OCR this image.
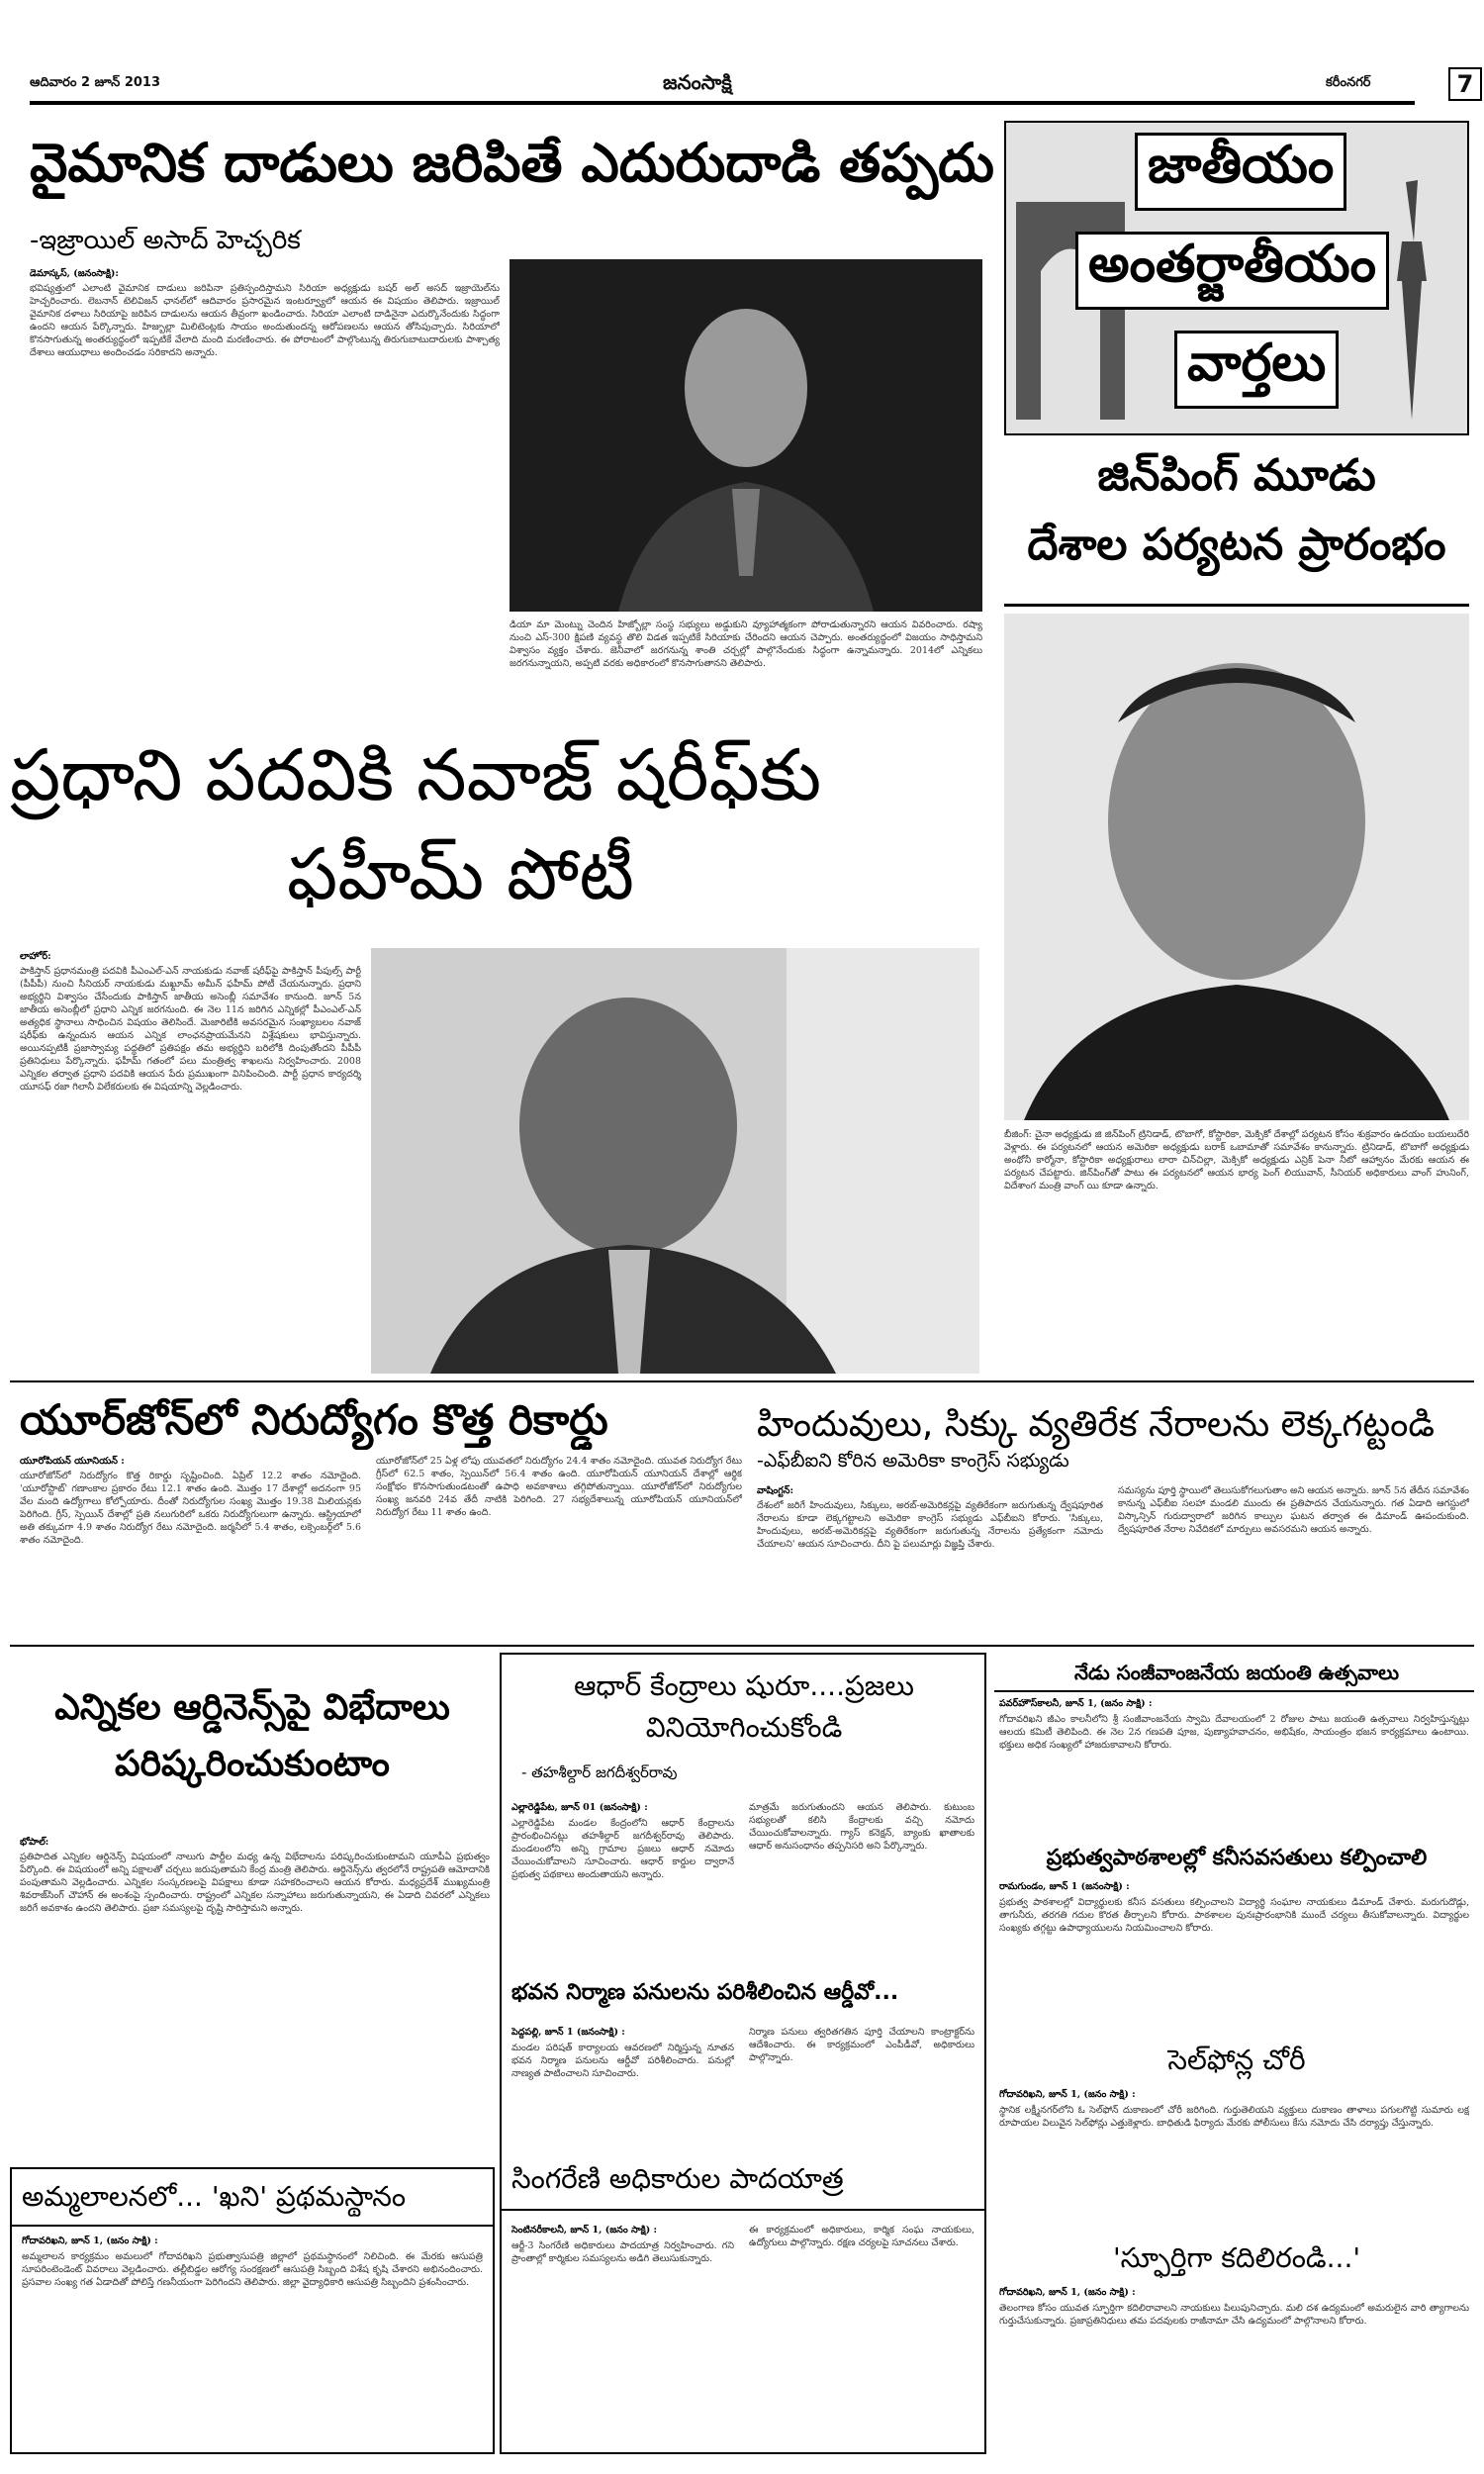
ఆదివారం 2 జూన్ 2013	జనంసాక్షి	కరీంనగర్	7
వైమానిక దాడులు జరిపితే ఎదురుదాడి తప్పదు
-ఇజ్రాయిల్ అసాద్ హెచ్చరిక
డెమాస్కస్, (జనంసాక్షి):
భవిష్యత్తులో ఎలాంటి వైమానిక దాడులు జరిపినా ప్రతిస్పందిస్తామని సిరియా అధ్యక్షుడు బషర్ అల్ అసద్ ఇజ్రాయెల్‌ను హెచ్చరించారు. లెబనాన్ టెలివిజన్ ఛానల్‌లో ఆదివారం ప్రసారమైన ఇంటర్వ్యూలో ఆయన ఈ విషయం తెలిపారు. ఇజ్రాయిల్ వైమానిక దళాలు సిరియాపై జరిపిన దాడులను ఆయన తీవ్రంగా ఖండించారు. సిరియా ఎలాంటి దాడినైనా ఎదుర్కొనేందుకు సిద్ధంగా ఉందని ఆయన పేర్కొన్నారు. హిజ్బుల్లా మిలిటెంట్లకు సాయం అందుతుందన్న ఆరోపణలను ఆయన తోసిపుచ్చారు. సిరియాలో కొనసాగుతున్న అంతర్యుద్ధంలో ఇప్పటికే వేలాది మంది మరణించారు. ఈ పోరాటంలో పాల్గొంటున్న తిరుగుబాటుదారులకు పాశ్చాత్య దేశాలు ఆయుధాలు అందించడం సరికాదని అన్నారు.
డియా మా మెంట్ను చెందిన హిజ్బోల్లా సంస్థ సభ్యులు అడ్డుకుని వ్యూహాత్మకంగా పోరాడుతున్నారని ఆయన వివరించారు. రష్యా నుంచి ఎస్-300 క్షిపణి వ్యవస్థ తొలి విడత ఇప్పటికే సిరియాకు చేరిందని ఆయన చెప్పారు. అంతర్యుద్ధంలో విజయం సాధిస్తామని విశ్వాసం వ్యక్తం చేశారు. జెనీవాలో జరగనున్న శాంతి చర్చల్లో పాల్గొనేందుకు సిద్ధంగా ఉన్నామన్నారు. 2014లో ఎన్నికలు జరగనున్నాయని, అప్పటి వరకు అధికారంలో కొనసాగుతానని తెలిపారు.
ప్రధాని పదవికి నవాజ్ షరీఫ్‌కు
ఫహీమ్ పోటీ
లాహోర్:
పాకిస్తాన్ ప్రధానమంత్రి పదవికి పీఎంఎల్-ఎన్ నాయకుడు నవాజ్ షరీఫ్‌పై పాకిస్తాన్ పీపుల్స్ పార్టీ (పీపీపీ) నుంచి సీనియర్ నాయకుడు మఖ్దూమ్ అమీన్ ఫహీమ్ పోటీ చేయనున్నారు. ప్రధాని అభ్యర్థిని విశ్వాసం చేసేందుకు పాకిస్తాన్ జాతీయ అసెంబ్లీ సమావేశం కానుంది. జూన్ 5న జాతీయ అసెంబ్లీలో ప్రధాని ఎన్నిక జరగనుంది. ఈ నెల 11న జరిగిన ఎన్నికల్లో పీఎంఎల్-ఎన్ అత్యధిక స్థానాలు సాధించిన విషయం తెలిసిందే. మెజారిటీకి అవసరమైన సంఖ్యాబలం నవాజ్ షరీఫ్‌కు ఉన్నందున ఆయన ఎన్నిక లాంఛనప్రాయమేనని విశ్లేషకులు భావిస్తున్నారు. అయినప్పటికీ ప్రజాస్వామ్య పద్ధతిలో ప్రతిపక్షం తమ అభ్యర్థిని బరిలోకి దింపుతోందని పీపీపీ ప్రతినిధులు పేర్కొన్నారు. ఫహీమ్ గతంలో పలు మంత్రిత్వ శాఖలను నిర్వహించారు. 2008 ఎన్నికల తర్వాత ప్రధాని పదవికి ఆయన పేరు ప్రముఖంగా వినిపించింది. పార్టీ ప్రధాన కార్యదర్శి యూసఫ్ రజా గిలానీ విలేకరులకు ఈ విషయాన్ని వెల్లడించారు.
జాతీయం
అంతర్జాతీయం
వార్తలు
జిన్‌పింగ్ మూడు
దేశాల పర్యటన ప్రారంభం
బీజింగ్: చైనా అధ్యక్షుడు జి జిన్‌పింగ్ ట్రినిడాడ్, టొబాగో, కోస్టారికా, మెక్సికో దేశాల్లో పర్యటన కోసం శుక్రవారం ఉదయం బయలుదేరి వెళ్లారు. ఈ పర్యటనలో ఆయన అమెరికా అధ్యక్షుడు బరాక్ ఒబామాతో సమావేశం కానున్నారు. ట్రినిడాడ్, టొబాగో అధ్యక్షుడు అంథోనీ కార్మోనా, కోస్టారికా అధ్యక్షురాలు లారా చిన్‌చిల్లా, మెక్సికో అధ్యక్షుడు ఎన్రిక్ పెనా నీటో ఆహ్వానం మేరకు ఆయన ఈ పర్యటన చేపట్టారు. జిన్‌పింగ్‌తో పాటు ఈ పర్యటనలో ఆయన భార్య పెంగ్ లియువాన్, సీనియర్ అధికారులు వాంగ్ హునింగ్, విదేశాంగ మంత్రి వాంగ్ యి కూడా ఉన్నారు.
యూర్‌జోన్‌లో నిరుద్యోగం కొత్త రికార్డు
యూరోపియన్ యూనియన్ :
యూరోజోన్‌లో నిరుద్యోగం కొత్త రికార్డు సృష్టించింది. ఏప్రిల్ 12.2 శాతం నమోదైంది. 'యూరోస్టాట్' గణాంకాల ప్రకారం రేటు 12.1 శాతం ఉంది. మొత్తం 17 దేశాల్లో అదనంగా 95 వేల మంది ఉద్యోగాలు కోల్పోయారు. దీంతో నిరుద్యోగుల సంఖ్య మొత్తం 19.38 మిలియన్లకు పెరిగింది. గ్రీస్, స్పెయిన్ దేశాల్లో ప్రతి నలుగురిలో ఒకరు నిరుద్యోగులుగా ఉన్నారు. ఆస్ట్రియాలో అతి తక్కువగా 4.9 శాతం నిరుద్యోగ రేటు నమోదైంది. జర్మనీలో 5.4 శాతం, లక్సెంబర్గ్‌లో 5.6 శాతం నమోదైంది.
యూరోజోన్‌లో 25 ఏళ్ల లోపు యువతలో నిరుద్యోగం 24.4 శాతం నమోదైంది. యువత నిరుద్యోగ రేటు గ్రీస్‌లో 62.5 శాతం, స్పెయిన్‌లో 56.4 శాతం ఉంది. యూరోపియన్ యూనియన్ దేశాల్లో ఆర్థిక సంక్షోభం కొనసాగుతుండటంతో ఉపాధి అవకాశాలు తగ్గిపోతున్నాయి. యూరోజోన్‌లో నిరుద్యోగుల సంఖ్య జనవరి 24వ తేదీ నాటికి పెరిగింది. 27 సభ్యదేశాలున్న యూరోపియన్ యూనియన్‌లో నిరుద్యోగ రేటు 11 శాతం ఉంది.
హిందువులు, సిక్కు వ్యతిరేక నేరాలను లెక్కగట్టండి
-ఎఫ్‌బీఐని కోరిన అమెరికా కాంగ్రెస్ సభ్యుడు
వాషింగ్టన్:
దేశంలో జరిగే హిందువులు, సిక్కులు, అరబ్-అమెరికన్లపై వ్యతిరేకంగా జరుగుతున్న ద్వేషపూరిత నేరాలను కూడా లెక్కగట్టాలని అమెరికా కాంగ్రెస్ సభ్యుడు ఎఫ్‌బీఐని కోరారు. 'సిక్కులు, హిందువులు, అరబ్-అమెరికన్లపై వ్యతిరేకంగా జరుగుతున్న నేరాలను ప్రత్యేకంగా నమోదు చేయాలని' ఆయన సూచించారు. దీని పై పలుమార్లు విజ్ఞప్తి చేశారు.
సమస్యను పూర్తి స్థాయిలో తెలుసుకోగలుగుతాం అని ఆయన అన్నారు. జూన్ 5న తేదీన సమావేశం కానున్న ఎఫ్‌బీఐ సలహా మండలి ముందు ఈ ప్రతిపాదన చేయనున్నారు. గత ఏడాది ఆగస్టులో విస్కాన్సిన్ గురుద్వారాలో జరిగిన కాల్పుల ఘటన తర్వాత ఈ డిమాండ్ ఊపందుకుంది. ద్వేషపూరిత నేరాల నివేదికలో మార్పులు అవసరమని ఆయన అన్నారు.
ఎన్నికల ఆర్డినెన్స్‌పై విభేదాలు
పరిష్కరించుకుంటాం
భోపాల్:
ప్రతిపాదిత ఎన్నికల ఆర్డినెన్స్ విషయంలో నాలుగు పార్టీల మధ్య ఉన్న విభేదాలను పరిష్కరించుకుంటామని యూపీఏ ప్రభుత్వం పేర్కొంది. ఈ విషయంలో అన్ని పక్షాలతో చర్చలు జరుపుతామని కేంద్ర మంత్రి తెలిపారు. ఆర్డినెన్స్‌ను త్వరలోనే రాష్ట్రపతి ఆమోదానికి పంపుతామని వెల్లడించారు. ఎన్నికల సంస్కరణలపై విపక్షాలు కూడా సహకరించాలని ఆయన కోరారు. మధ్యప్రదేశ్ ముఖ్యమంత్రి శివరాజ్‌సింగ్ చౌహాన్ ఈ అంశంపై స్పందించారు. రాష్ట్రంలో ఎన్నికల సన్నాహాలు జరుగుతున్నాయని, ఈ ఏడాది చివరలో ఎన్నికలు జరిగే అవకాశం ఉందని తెలిపారు. ప్రజా సమస్యలపై దృష్టి సారిస్తామని అన్నారు.
అమ్మలాలనలో... 'ఖని' ప్రథమస్థానం
గోదావరిఖని, జూన్ 1, (జనం సాక్షి) :
అమ్మలాలన కార్యక్రమం అమలులో గోదావరిఖని ప్రభుత్వాసుపత్రి జిల్లాలో ప్రథమస్థానంలో నిలిచింది. ఈ మేరకు ఆసుపత్రి సూపరింటెండెంట్ వివరాలు వెల్లడించారు. తల్లీబిడ్డల ఆరోగ్య సంరక్షణలో ఆసుపత్రి సిబ్బంది విశేష కృషి చేశారని అభినందించారు. ప్రసవాల సంఖ్య గత ఏడాదితో పోలిస్తే గణనీయంగా పెరిగిందని తెలిపారు. జిల్లా వైద్యాధికారి ఆసుపత్రి సిబ్బందిని ప్రశంసించారు.
ఆధార్ కేంద్రాలు షురూ....ప్రజలు
వినియోగించుకోండి
- తహశీల్దార్ జగదీశ్వర్‌రావు
ఎల్లారెడ్డిపేట, జూన్ 01 (జనంసాక్షి) :
ఎల్లారెడ్డిపేట మండల కేంద్రంలోని ఆధార్ కేంద్రాలను ప్రారంభించినట్లు తహశీల్దార్ జగదీశ్వర్‌రావు తెలిపారు. మండలంలోని అన్ని గ్రామాల ప్రజలు ఆధార్ నమోదు చేయించుకోవాలని సూచించారు. ఆధార్ కార్డుల ద్వారానే ప్రభుత్వ పథకాలు అందుతాయని అన్నారు.
మాత్రమే జరుగుతుందని ఆయన తెలిపారు. కుటుంబ సభ్యులతో కలిసి కేంద్రాలకు వచ్చి నమోదు చేయించుకోవాలన్నారు. గ్యాస్ కనెక్షన్, బ్యాంకు ఖాతాలకు ఆధార్ అనుసంధానం తప్పనిసరి అని పేర్కొన్నారు.
భవన నిర్మాణ పనులను పరిశీలించిన ఆర్డీవో...
పెద్దపల్లి, జూన్ 1 (జనంసాక్షి) :
మండల పరిషత్ కార్యాలయ ఆవరణలో నిర్మిస్తున్న నూతన భవన నిర్మాణ పనులను ఆర్డీవో పరిశీలించారు. పనుల్లో నాణ్యత పాటించాలని సూచించారు.
నిర్మాణ పనులు త్వరితగతిన పూర్తి చేయాలని కాంట్రాక్టర్‌ను ఆదేశించారు. ఈ కార్యక్రమంలో ఎంపీడీవో, అధికారులు పాల్గొన్నారు.
సింగరేణి అధికారుల పాదయాత్ర
సెంటినరీకాలనీ, జూన్ 1, (జనం సాక్షి) :
ఆర్జీ-3 సింగరేణి అధికారులు పాదయాత్ర నిర్వహించారు. గని ప్రాంతాల్లో కార్మికుల సమస్యలను అడిగి తెలుసుకున్నారు.
ఈ కార్యక్రమంలో అధికారులు, కార్మిక సంఘ నాయకులు, ఉద్యోగులు పాల్గొన్నారు. రక్షణ చర్యలపై సూచనలు చేశారు.
నేడు సంజీవాంజనేయ జయంతి ఉత్సవాలు
పవర్‌హౌస్‌కాలనీ, జూన్ 1, (జనం సాక్షి) :
గోదావరిఖని జీఎం కాలనీలోని శ్రీ సంజీవాంజనేయ స్వామి దేవాలయంలో 2 రోజుల పాటు జయంతి ఉత్సవాలు నిర్వహిస్తున్నట్లు ఆలయ కమిటీ తెలిపింది. ఈ నెల 2న గణపతి పూజ, పుణ్యాహవాచనం, అభిషేకం, సాయంత్రం భజన కార్యక్రమాలు ఉంటాయి. భక్తులు అధిక సంఖ్యలో హాజరుకావాలని కోరారు.
ప్రభుత్వపాఠశాలల్లో కనీసవసతులు కల్పించాలి
రామగుండం, జూన్ 1 (జనంసాక్షి) :
ప్రభుత్వ పాఠశాలల్లో విద్యార్థులకు కనీస వసతులు కల్పించాలని విద్యార్థి సంఘాల నాయకులు డిమాండ్ చేశారు. మరుగుదొడ్లు, తాగునీరు, తరగతి గదుల కొరత తీర్చాలని కోరారు. పాఠశాలల పునఃప్రారంభానికి ముందే చర్యలు తీసుకోవాలన్నారు. విద్యార్థుల సంఖ్యకు తగ్గట్టు ఉపాధ్యాయులను నియమించాలని కోరారు.
సెల్‌ఫోన్ల చోరీ
గోదావరిఖని, జూన్ 1, (జనం సాక్షి) :
స్థానిక లక్ష్మీనగర్‌లోని ఓ సెల్‌ఫోన్ దుకాణంలో చోరీ జరిగింది. గుర్తుతెలియని వ్యక్తులు దుకాణం తాళాలు పగులగొట్టి సుమారు లక్ష రూపాయల విలువైన సెల్‌ఫోన్లు ఎత్తుకెళ్లారు. బాధితుడి ఫిర్యాదు మేరకు పోలీసులు కేసు నమోదు చేసి దర్యాప్తు చేస్తున్నారు.
'స్ఫూర్తిగా కదిలిరండి...'
గోదావరిఖని, జూన్ 1, (జనం సాక్షి) :
తెలంగాణ కోసం యువత స్ఫూర్తిగా కదిలిరావాలని నాయకులు పిలుపునిచ్చారు. మలి దశ ఉద్యమంలో అమరులైన వారి త్యాగాలను గుర్తుచేసుకున్నారు. ప్రజాప్రతినిధులు తమ పదవులకు రాజీనామా చేసి ఉద్యమంలో పాల్గొనాలని కోరారు.
